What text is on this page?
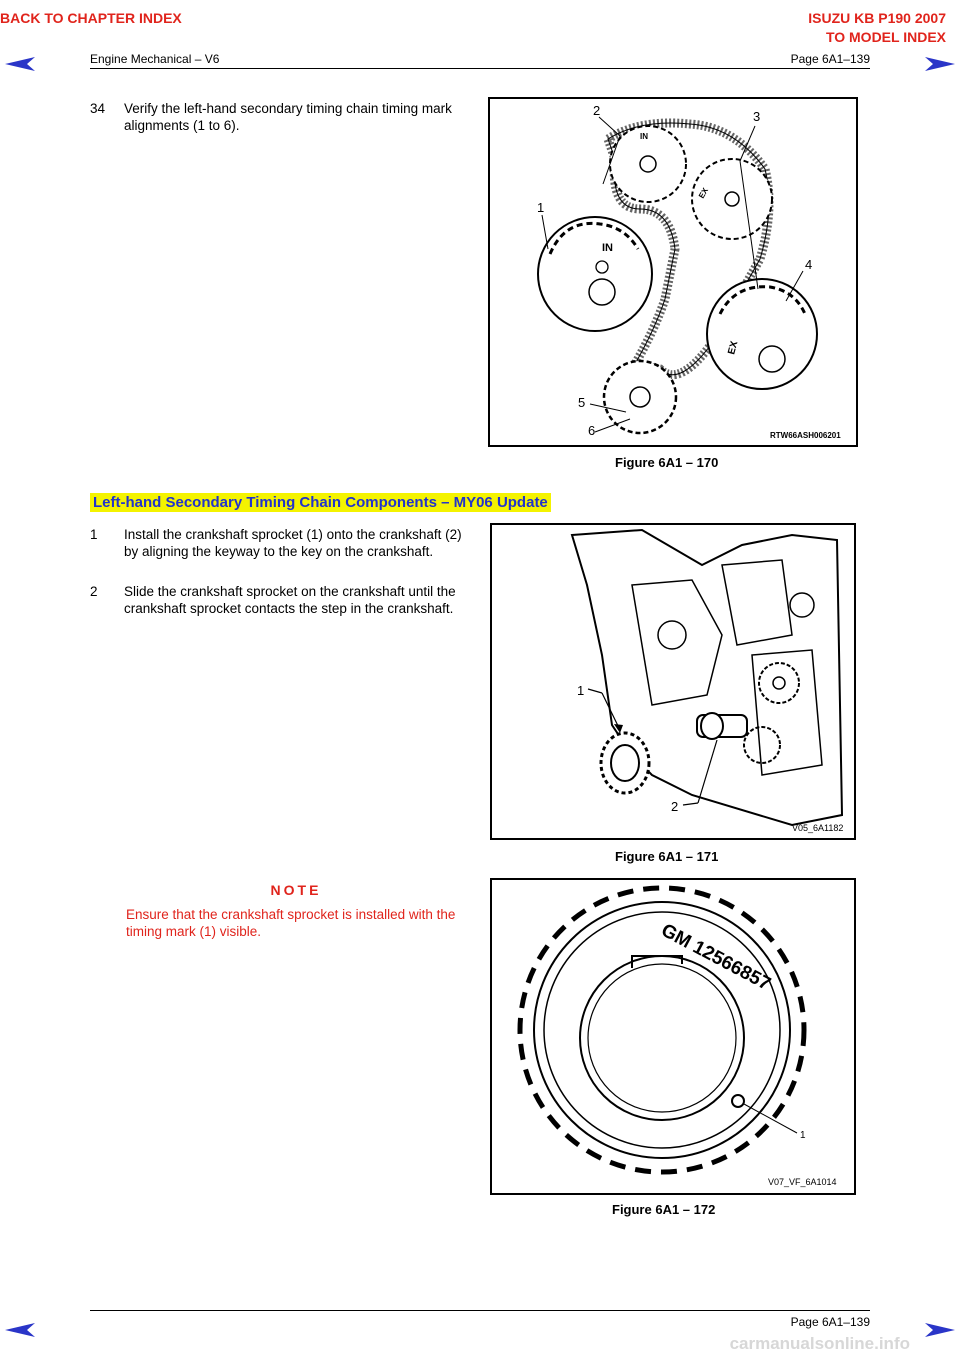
BACK TO CHAPTER INDEX	ISUZU KB P190 2007
TO MODEL INDEX
Engine Mechanical – V6	Page 6A1–139
34	Verify the left-hand secondary timing chain timing mark alignments (1 to 6).
2	3
1
4
5
6
IN
IN
EX
EX
RTW66ASH006201
Figure 6A1 – 170
Left-hand Secondary Timing Chain Components – MY06 Update
1	Install the crankshaft sprocket (1) onto the crankshaft (2) by aligning the keyway to the key on the crankshaft.
2	Slide the crankshaft sprocket on the crankshaft until the crankshaft sprocket contacts the step in the crankshaft.
1
2
V05_6A1182
Figure 6A1 – 171
NOTE
Ensure that the crankshaft sprocket is installed with the timing mark (1) visible.
1
GM 12566857
V07_VF_6A1014
Figure 6A1 – 172
Page 6A1–139
carmanualsonline.info
